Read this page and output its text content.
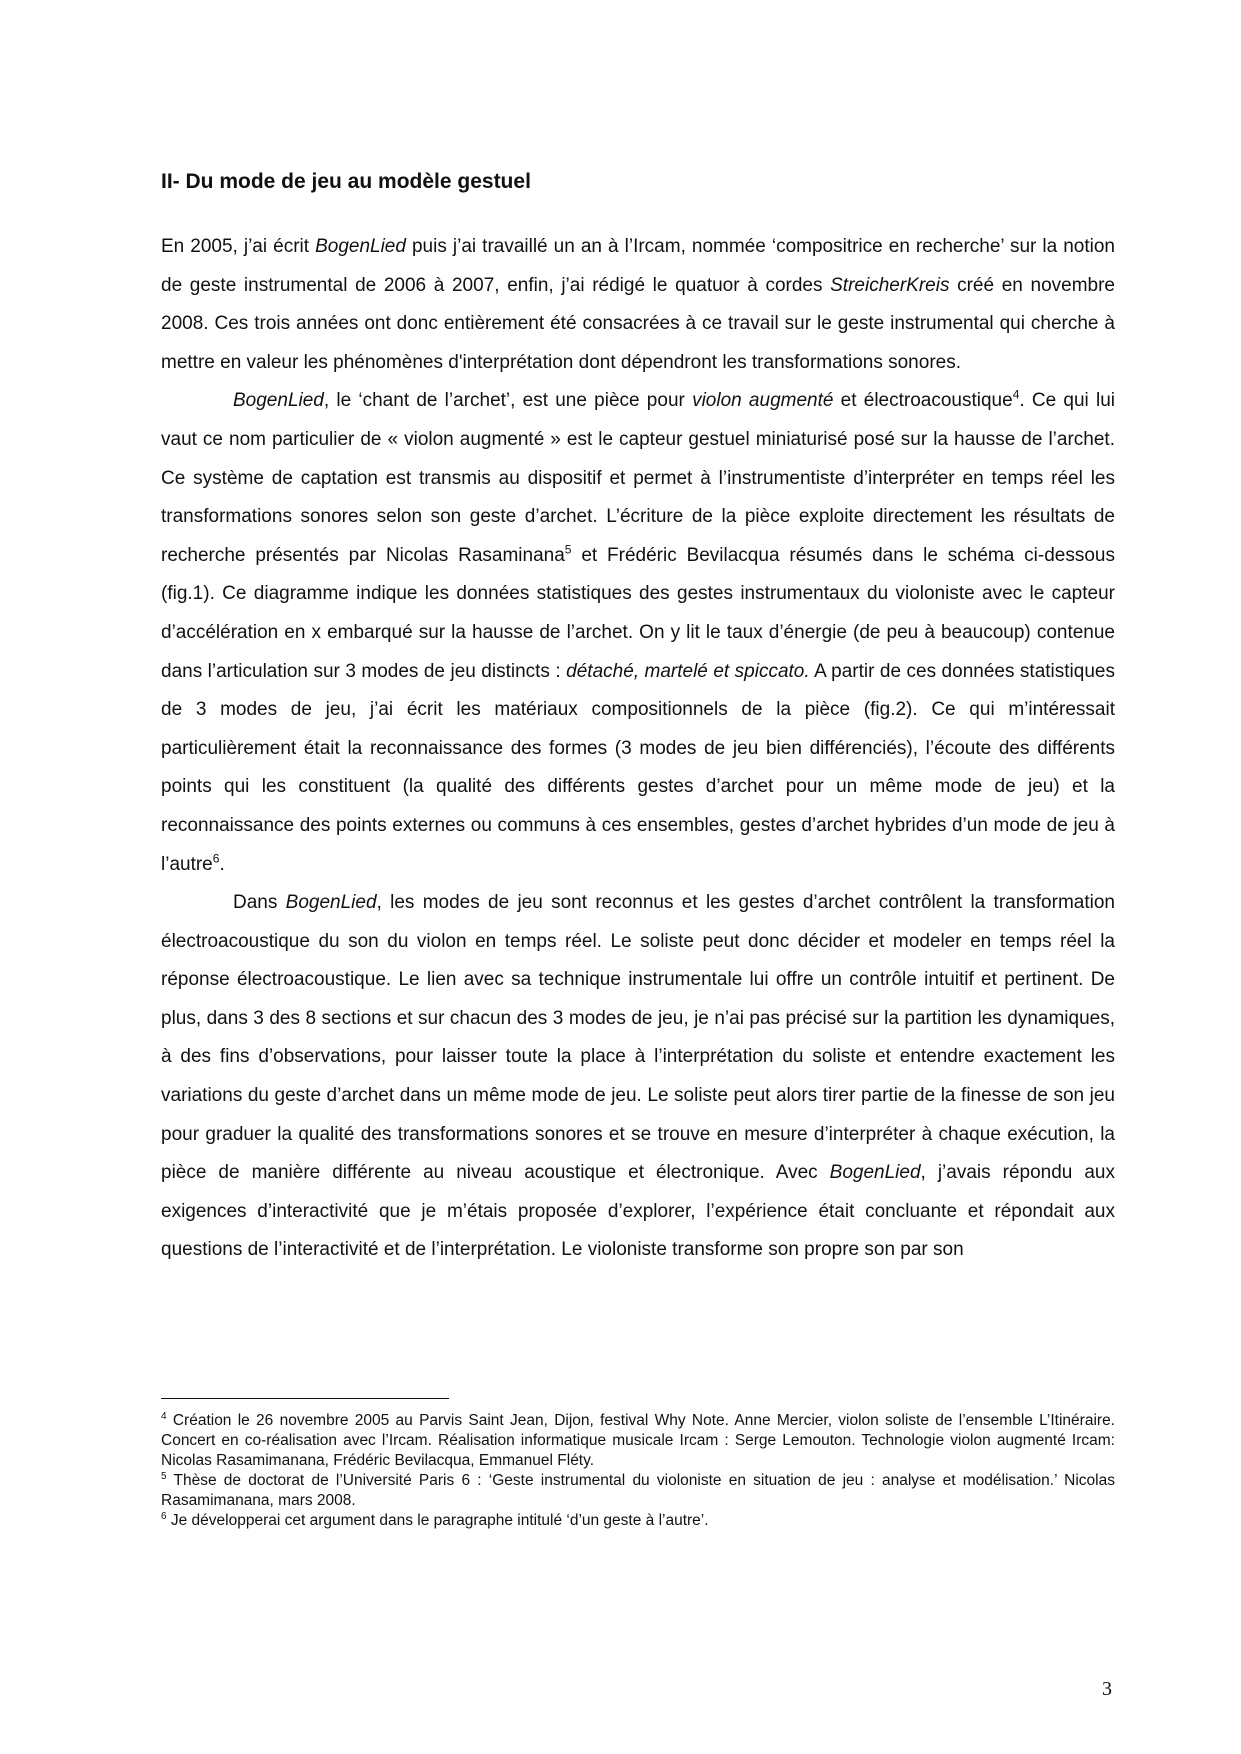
II- Du mode de jeu au modèle gestuel

En 2005, j’ai écrit BogenLied puis j’ai travaillé un an à l’Ircam, nommée ‘compositrice en recherche’ sur la notion de geste instrumental de 2006 à 2007, enfin, j’ai rédigé le quatuor à cordes StreicherKreis créé en novembre 2008. Ces trois années ont donc entièrement été consacrées à ce travail sur le geste instrumental qui cherche à mettre en valeur les phénomènes d'interprétation dont dépendront les transformations sonores.

BogenLied, le ‘chant de l’archet’, est une pièce pour violon augmenté et électroacoustique$^4$. Ce qui lui vaut ce nom particulier de « violon augmenté » est le capteur gestuel miniaturisé posé sur la hausse de l’archet. Ce système de captation est transmis au dispositif et permet à l’instrumentiste d’interpréter en temps réel les transformations sonores selon son geste d’archet. L’écriture de la pièce exploite directement les résultats de recherche présentés par Nicolas Rasaminana$^5$ et Frédéric Bevilacqua résumés dans le schéma ci-dessous (fig.1). Ce diagramme indique les données statistiques des gestes instrumentaux du violoniste avec le capteur d’accélération en x embarqué sur la hausse de l’archet. On y lit le taux d’énergie (de peu à beaucoup) contenue dans l’articulation sur 3 modes de jeu distincts : détaché, martelé et spiccato. A partir de ces données statistiques de 3 modes de jeu, j’ai écrit les matériaux compositionnels de la pièce (fig.2). Ce qui m’intéressait particulièrement était la reconnaissance des formes (3 modes de jeu bien différenciés), l’écoute des différents points qui les constituent (la qualité des différents gestes d’archet pour un même mode de jeu) et la reconnaissance des points externes ou communs à ces ensembles, gestes d’archet hybrides d’un mode de jeu à l’autre$^6$.

Dans BogenLied, les modes de jeu sont reconnus et les gestes d’archet contrôlent la transformation électroacoustique du son du violon en temps réel. Le soliste peut donc décider et modeler en temps réel la réponse électroacoustique. Le lien avec sa technique instrumentale lui offre un contrôle intuitif et pertinent. De plus, dans 3 des 8 sections et sur chacun des 3 modes de jeu, je n’ai pas précisé sur la partition les dynamiques, à des fins d’observations, pour laisser toute la place à l’interprétation du soliste et entendre exactement les variations du geste d’archet dans un même mode de jeu. Le soliste peut alors tirer partie de la finesse de son jeu pour graduer la qualité des transformations sonores et se trouve en mesure d’interpréter à chaque exécution, la pièce de manière différente au niveau acoustique et électronique. Avec BogenLied, j’avais répondu aux exigences d’interactivité que je m’étais proposée d’explorer, l’expérience était concluante et répondait aux questions de l’interactivité et de l’interprétation. Le violoniste transforme son propre son par son

$^4$ Création le 26 novembre 2005 au Parvis Saint Jean, Dijon, festival Why Note. Anne Mercier, violon soliste de l’ensemble L’Itinéraire. Concert en co-réalisation avec l’Ircam. Réalisation informatique musicale Ircam : Serge Lemouton. Technologie violon augmenté Ircam: Nicolas Rasamimanana, Frédéric Bevilacqua, Emmanuel Fléty.

$^5$ Thèse de doctorat de l’Université Paris 6 : ‘Geste instrumental du violoniste en situation de jeu : analyse et modélisation.’ Nicolas Rasamimanana, mars 2008.

$^6$ Je développerai cet argument dans le paragraphe intitulé ‘d’un geste à l’autre’.

3
